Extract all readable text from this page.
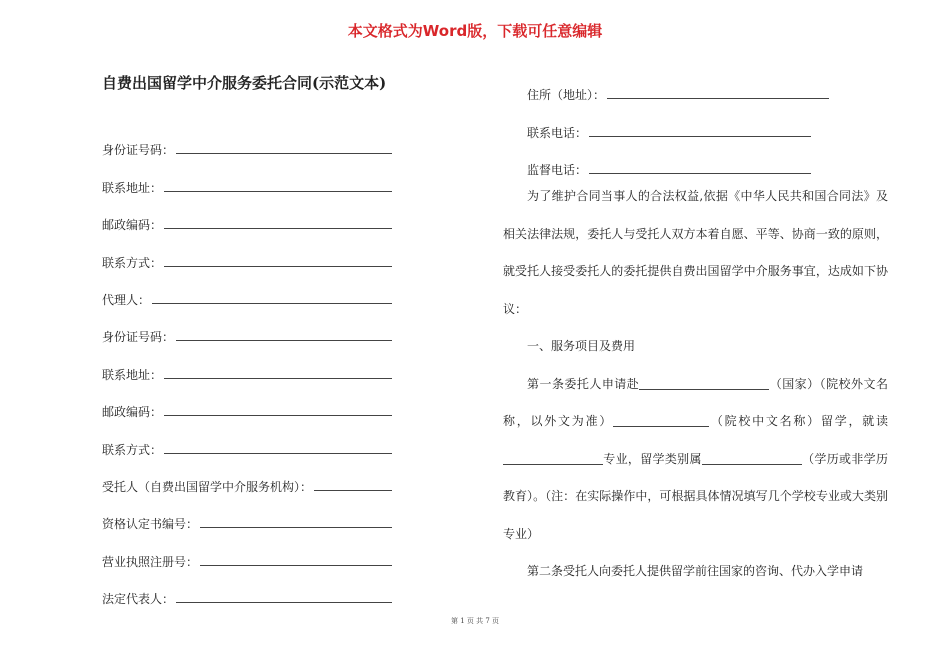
本文格式为Word版，下载可任意编辑
自费出国留学中介服务委托合同(示范文本)
身份证号码：
联系地址：
邮政编码：
联系方式：
代理人：
身份证号码：
联系地址：
邮政编码：
联系方式：
受托人（自费出国留学中介服务机构）：
资格认定书编号：
营业执照注册号：
法定代表人：
住所（地址）：
联系电话：
监督电话：

为了维护合同当事人的合法权益,依据《中华人民共和国合同法》及相关法律法规，委托人与受托人双方本着自愿、平等、协商一致的原则，就受托人接受委托人的委托提供自费出国留学中介服务事宜，达成如下协议：

一、服务项目及费用

第一条委托人申请赴	（国家）（院校外文名称，以外文为准）	（院校中文名称）留学，就读专业，留学类别属	（学历或非学历教育）。（注：在实际操作中，可根据具体情况填写几个学校专业或大类别专业）

第二条受托人向委托人提供留学前往国家的咨询、代办入学申请

第 1 页 共 7 页
